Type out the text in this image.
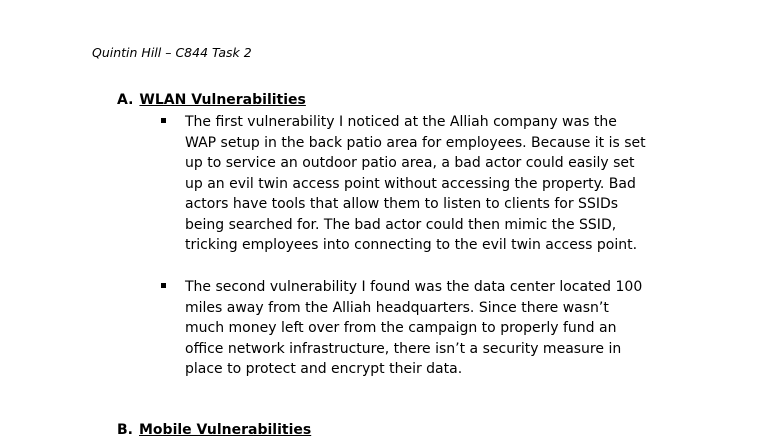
Quintin Hill – C844 Task 2
A. WLAN Vulnerabilities
The first vulnerability I noticed at the Alliah company was the
WAP setup in the back patio area for employees. Because it is set
up to service an outdoor patio area, a bad actor could easily set
up an evil twin access point without accessing the property. Bad
actors have tools that allow them to listen to clients for SSIDs
being searched for. The bad actor could then mimic the SSID,
tricking employees into connecting to the evil twin access point.
The second vulnerability I found was the data center located 100
miles away from the Alliah headquarters. Since there wasn’t
much money left over from the campaign to properly fund an
office network infrastructure, there isn’t a security measure in
place to protect and encrypt their data.
B. Mobile Vulnerabilities
